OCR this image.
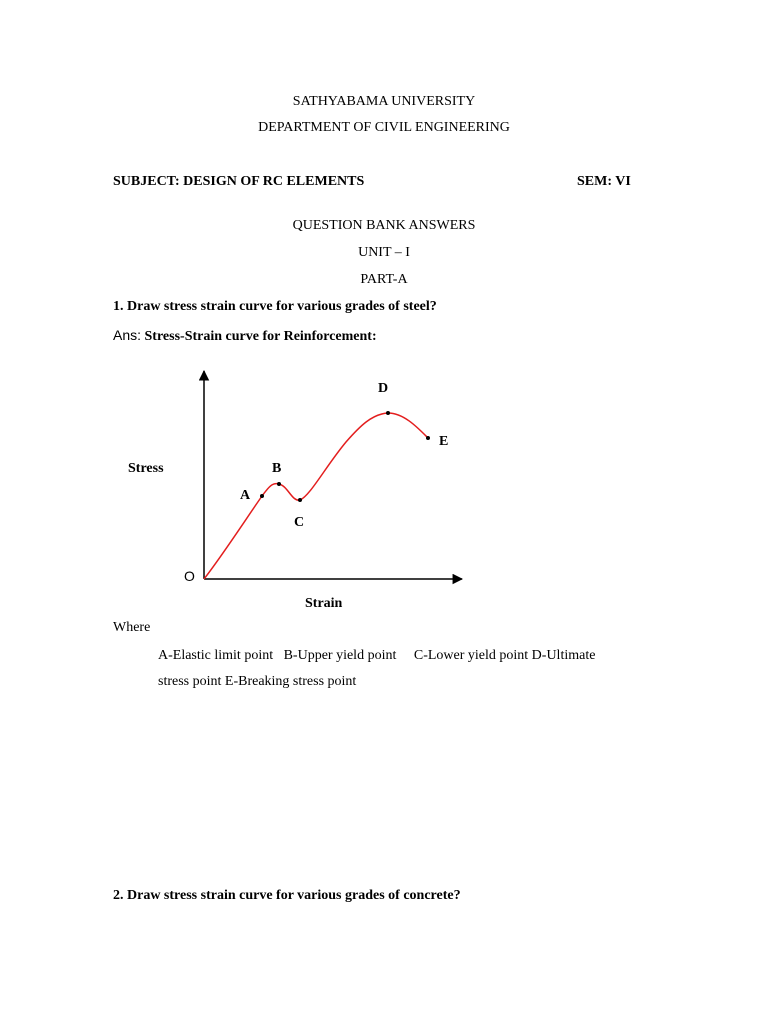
SATHYABAMA UNIVERSITY
DEPARTMENT OF CIVIL ENGINEERING
SUBJECT: DESIGN OF RC ELEMENTS	SEM: VI
QUESTION BANK ANSWERS
UNIT – I
PART-A
1. Draw stress strain curve for various grades of steel?
Ans: Stress-Strain curve for Reinforcement:
Stress
Strain
O
A
B
C
D
E
Where
A-Elastic limit point   B-Upper yield point     C-Lower yield point D-Ultimate
stress point E-Breaking stress point
2. Draw stress strain curve for various grades of concrete?
